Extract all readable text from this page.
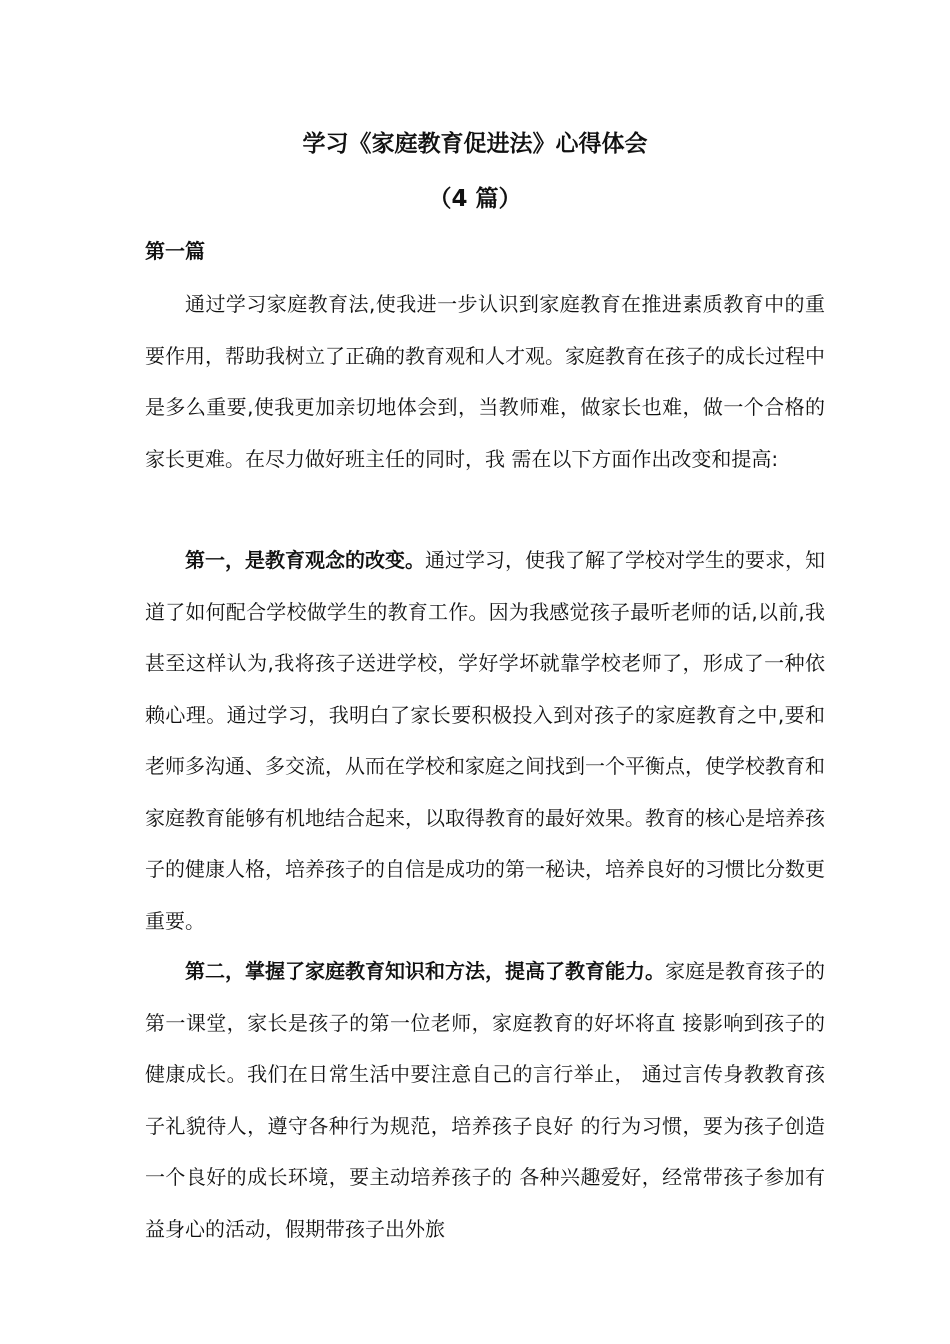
学习《家庭教育促进法》心得体会
（4 篇）
第一篇

通过学习家庭教育法,使我进一步认识到家庭教育在推进素质教育中的重要作用，帮助我树立了正确的教育观和人才观。家庭教育在孩子的成长过程中是多么重要,使我更加亲切地体会到，当教师难，做家长也难，做一个合格的家长更难。在尽力做好班主任的同时，我 需在以下方面作出改变和提高:

第一，是教育观念的改变。通过学习，使我了解了学校对学生的要求，知道了如何配合学校做学生的教育工作。因为我感觉孩子最听老师的话,以前,我甚至这样认为,我将孩子送进学校，学好学坏就靠学校老师了，形成了一种依赖心理。通过学习，我明白了家长要积极投入到对孩子的家庭教育之中,要和老师多沟通、多交流，从而在学校和家庭之间找到一个平衡点，使学校教育和家庭教育能够有机地结合起来，以取得教育的最好效果。教育的核心是培养孩子的健康人格，培养孩子的自信是成功的第一秘诀，培养良好的习惯比分数更重要。

第二，掌握了家庭教育知识和方法，提高了教育能力。家庭是教育孩子的第一课堂，家长是孩子的第一位老师，家庭教育的好坏将直 接影响到孩子的健康成长。我们在日常生活中要注意自己的言行举止， 通过言传身教教育孩子礼貌待人，遵守各种行为规范，培养孩子良好 的行为习惯，要为孩子创造一个良好的成长环境，要主动培养孩子的 各种兴趣爱好，经常带孩子参加有益身心的活动，假期带孩子出外旅
